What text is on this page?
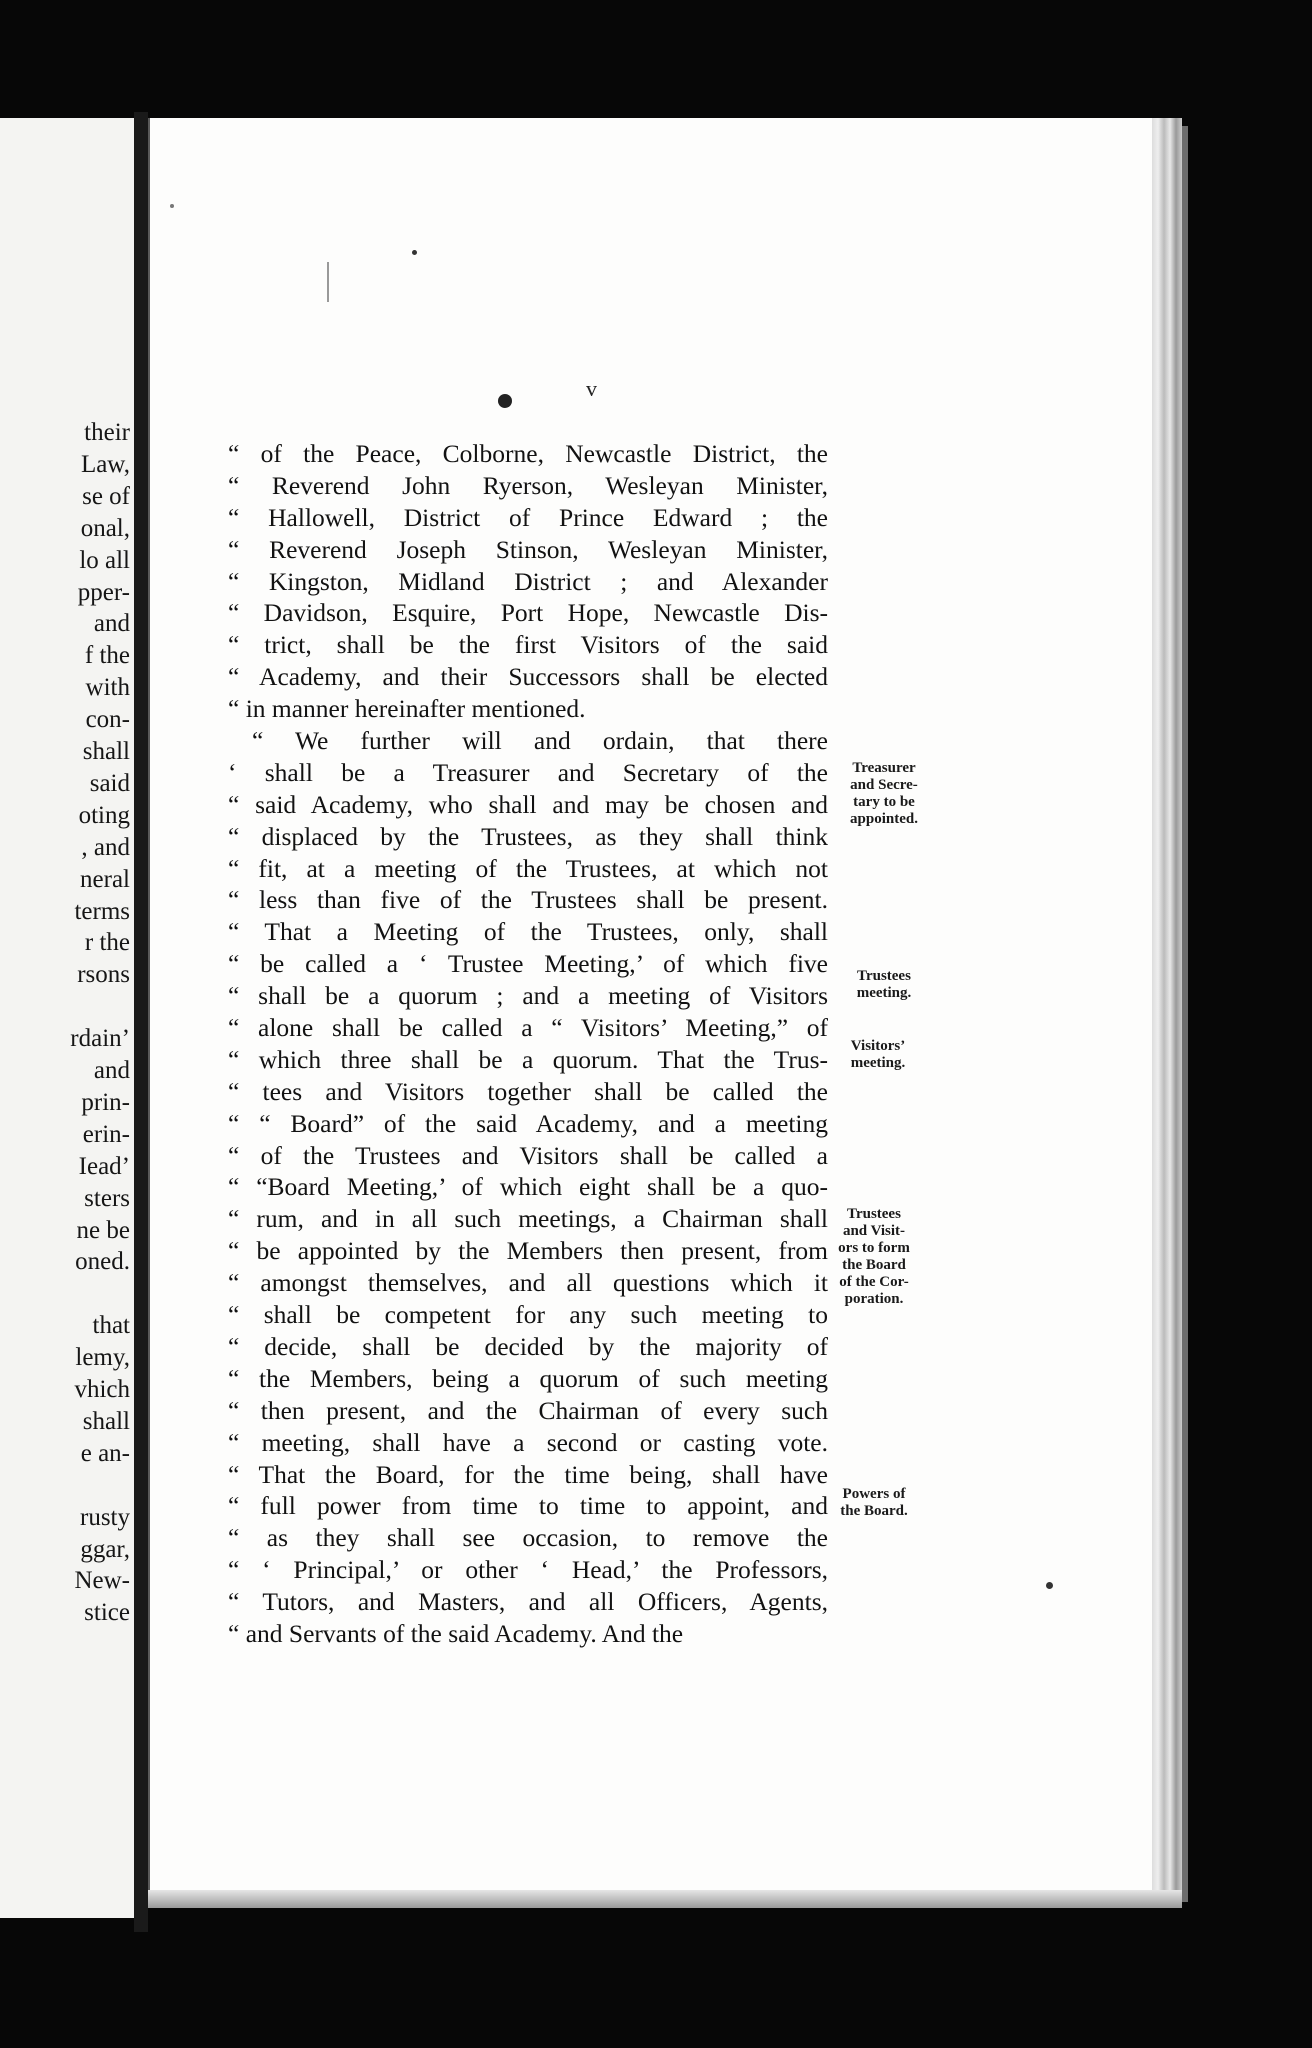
their
Law,
se of
onal,
lo all
pper-
and
f the
with
con-
shall
said
oting
, and
neral
terms
r the
rsons
rdain’
and
prin-
erin-
Iead’
sters
ne be
oned.
that
lemy,
vhich
shall
e an-
rusty
ggar,
New-
stice
v
“ of the Peace, Colborne, Newcastle District, the
“ Reverend John Ryerson, Wesleyan Minister,
“ Hallowell, District of Prince Edward ; the
“ Reverend Joseph Stinson, Wesleyan Minister,
“ Kingston, Midland District ; and Alexander
“ Davidson, Esquire, Port Hope, Newcastle Dis-
“ trict, shall be the first Visitors of the said
“ Academy, and their Successors shall be elected
“ in manner hereinafter mentioned.
“ We further will and ordain, that there
‘ shall be a Treasurer and Secretary of the
“ said Academy, who shall and may be chosen and
“ displaced by the Trustees, as they shall think
“ fit, at a meeting of the Trustees, at which not
“ less than five of the Trustees shall be present.
“ That a Meeting of the Trustees, only, shall
“ be called a ‘ Trustee Meeting,’ of which five
“ shall be a quorum ; and a meeting of Visitors
“ alone shall be called a “ Visitors’ Meeting,” of
“ which three shall be a quorum. That the Trus-
“ tees and Visitors together shall be called the
“ “ Board” of the said Academy, and a meeting
“ of the Trustees and Visitors shall be called a
“ “Board Meeting,’ of which eight shall be a quo-
“ rum, and in all such meetings, a Chairman shall
“ be appointed by the Members then present, from
“ amongst themselves, and all questions which it
“ shall be competent for any such meeting to
“ decide, shall be decided by the majority of
“ the Members, being a quorum of such meeting
“ then present, and the Chairman of every such
“ meeting, shall have a second or casting vote.
“ That the Board, for the time being, shall have
“ full power from time to time to appoint, and
“ as they shall see occasion, to remove the
“ ‘ Principal,’ or other ‘ Head,’ the Professors,
“ Tutors, and Masters, and all Officers, Agents,
“ and Servants of the said Academy. And the
Treasurer
and Secre-
tary to be
appointed.
Trustees
meeting.
Visitors’
meeting.
Trustees
and Visit-
ors to form
the Board
of the Cor-
poration.
Powers of
the Board.
